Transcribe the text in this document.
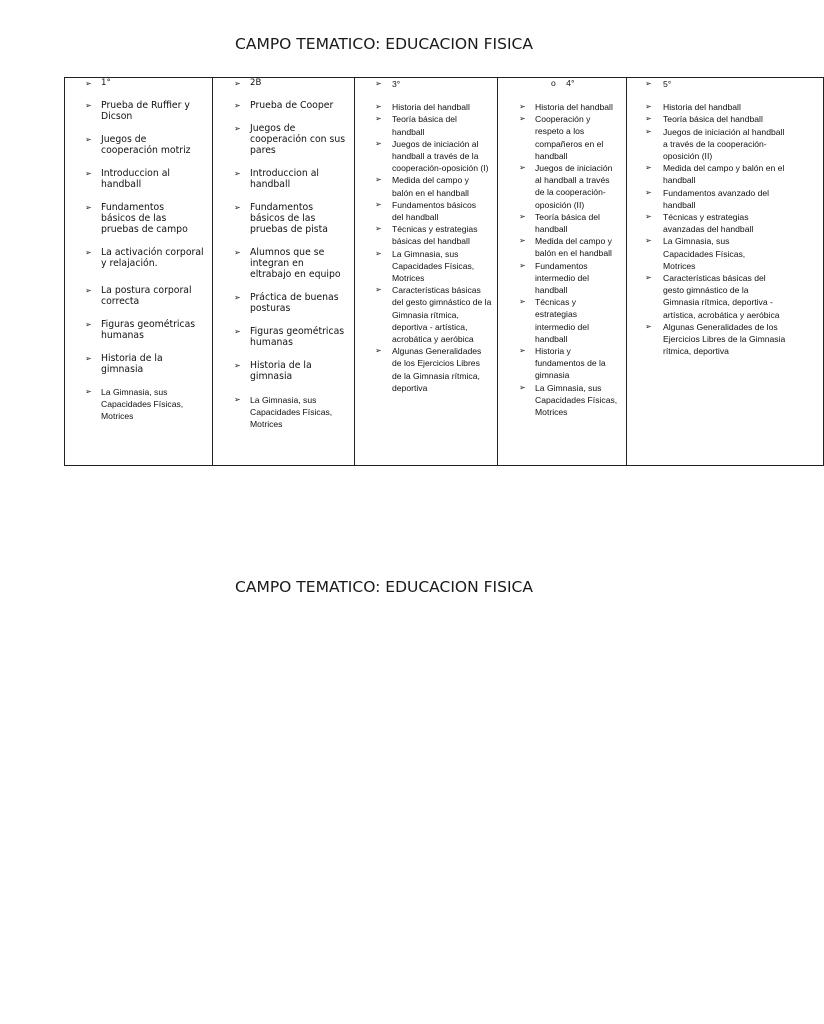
CAMPO TEMATICO: EDUCACION FISICA
➢ 1°
➢ Prueba de Ruffier y Dicson
➢ Juegos de cooperación motriz
➢ Introduccion al handball
➢ Fundamentos básicos de las pruebas de campo
➢ La activación corporal y relajación.
➢ La postura corporal correcta
➢ Figuras geométricas humanas
➢ Historia de la gimnasia
➢ La Gimnasia, sus Capacidades Físicas, Motrices
➢ 2B
➢ Prueba de Cooper
➢ Juegos de cooperación con sus pares
➢ Introduccion al handball
➢ Fundamentos básicos de las pruebas de pista
➢ Alumnos que se integran en eltrabajo en equipo
➢ Práctica de buenas posturas
➢ Figuras geométricas humanas
➢ Historia de la gimnasia
➢ La Gimnasia, sus Capacidades Físicas, Motrices
➢ 3°
➢ Historia del handball
➢ Teoría básica del handball
➢ Juegos de iniciación al handball a través de la cooperación-oposición (I)
➢ Medida del campo y balón en el handball
➢ Fundamentos básicos del handball
➢ Técnicas y estrategias básicas del handball
➢ La Gimnasia, sus Capacidades Físicas, Motrices
➢ Características básicas del gesto gimnástico de la Gimnasia rítmica, deportiva - artística, acrobática y aeróbica
➢ Algunas Generalidades de los Ejercicios Libres de la Gimnasia rítmica, deportiva
o 4°
➢ Historia del handball
➢ Cooperación y respeto a los compañeros en el handball
➢ Juegos de iniciación al handball a través de la cooperación-oposición (II)
➢ Teoría básica del handball
➢ Medida del campo y balón en el handball
➢ Fundamentos intermedio del handball
➢ Técnicas y estrategias intermedio del handball
➢ Historia y fundamentos de la gimnasia
➢ La Gimnasia, sus Capacidades Físicas, Motrices
➢ 5°
➢ Historia del handball
➢ Teoría básica del handball
➢ Juegos de iniciación al handball a través de la cooperación-oposición (II)
➢ Medida del campo y balón en el handball
➢ Fundamentos avanzado del handball
➢ Técnicas y estrategias avanzadas del handball
➢ La Gimnasia, sus Capacidades Físicas, Motrices
➢ Características básicas del gesto gimnástico de la Gimnasia rítmica, deportiva - artística, acrobática y aeróbica
➢ Algunas Generalidades de los Ejercicios Libres de la Gimnasia rítmica, deportiva
CAMPO TEMATICO: EDUCACION FISICA
